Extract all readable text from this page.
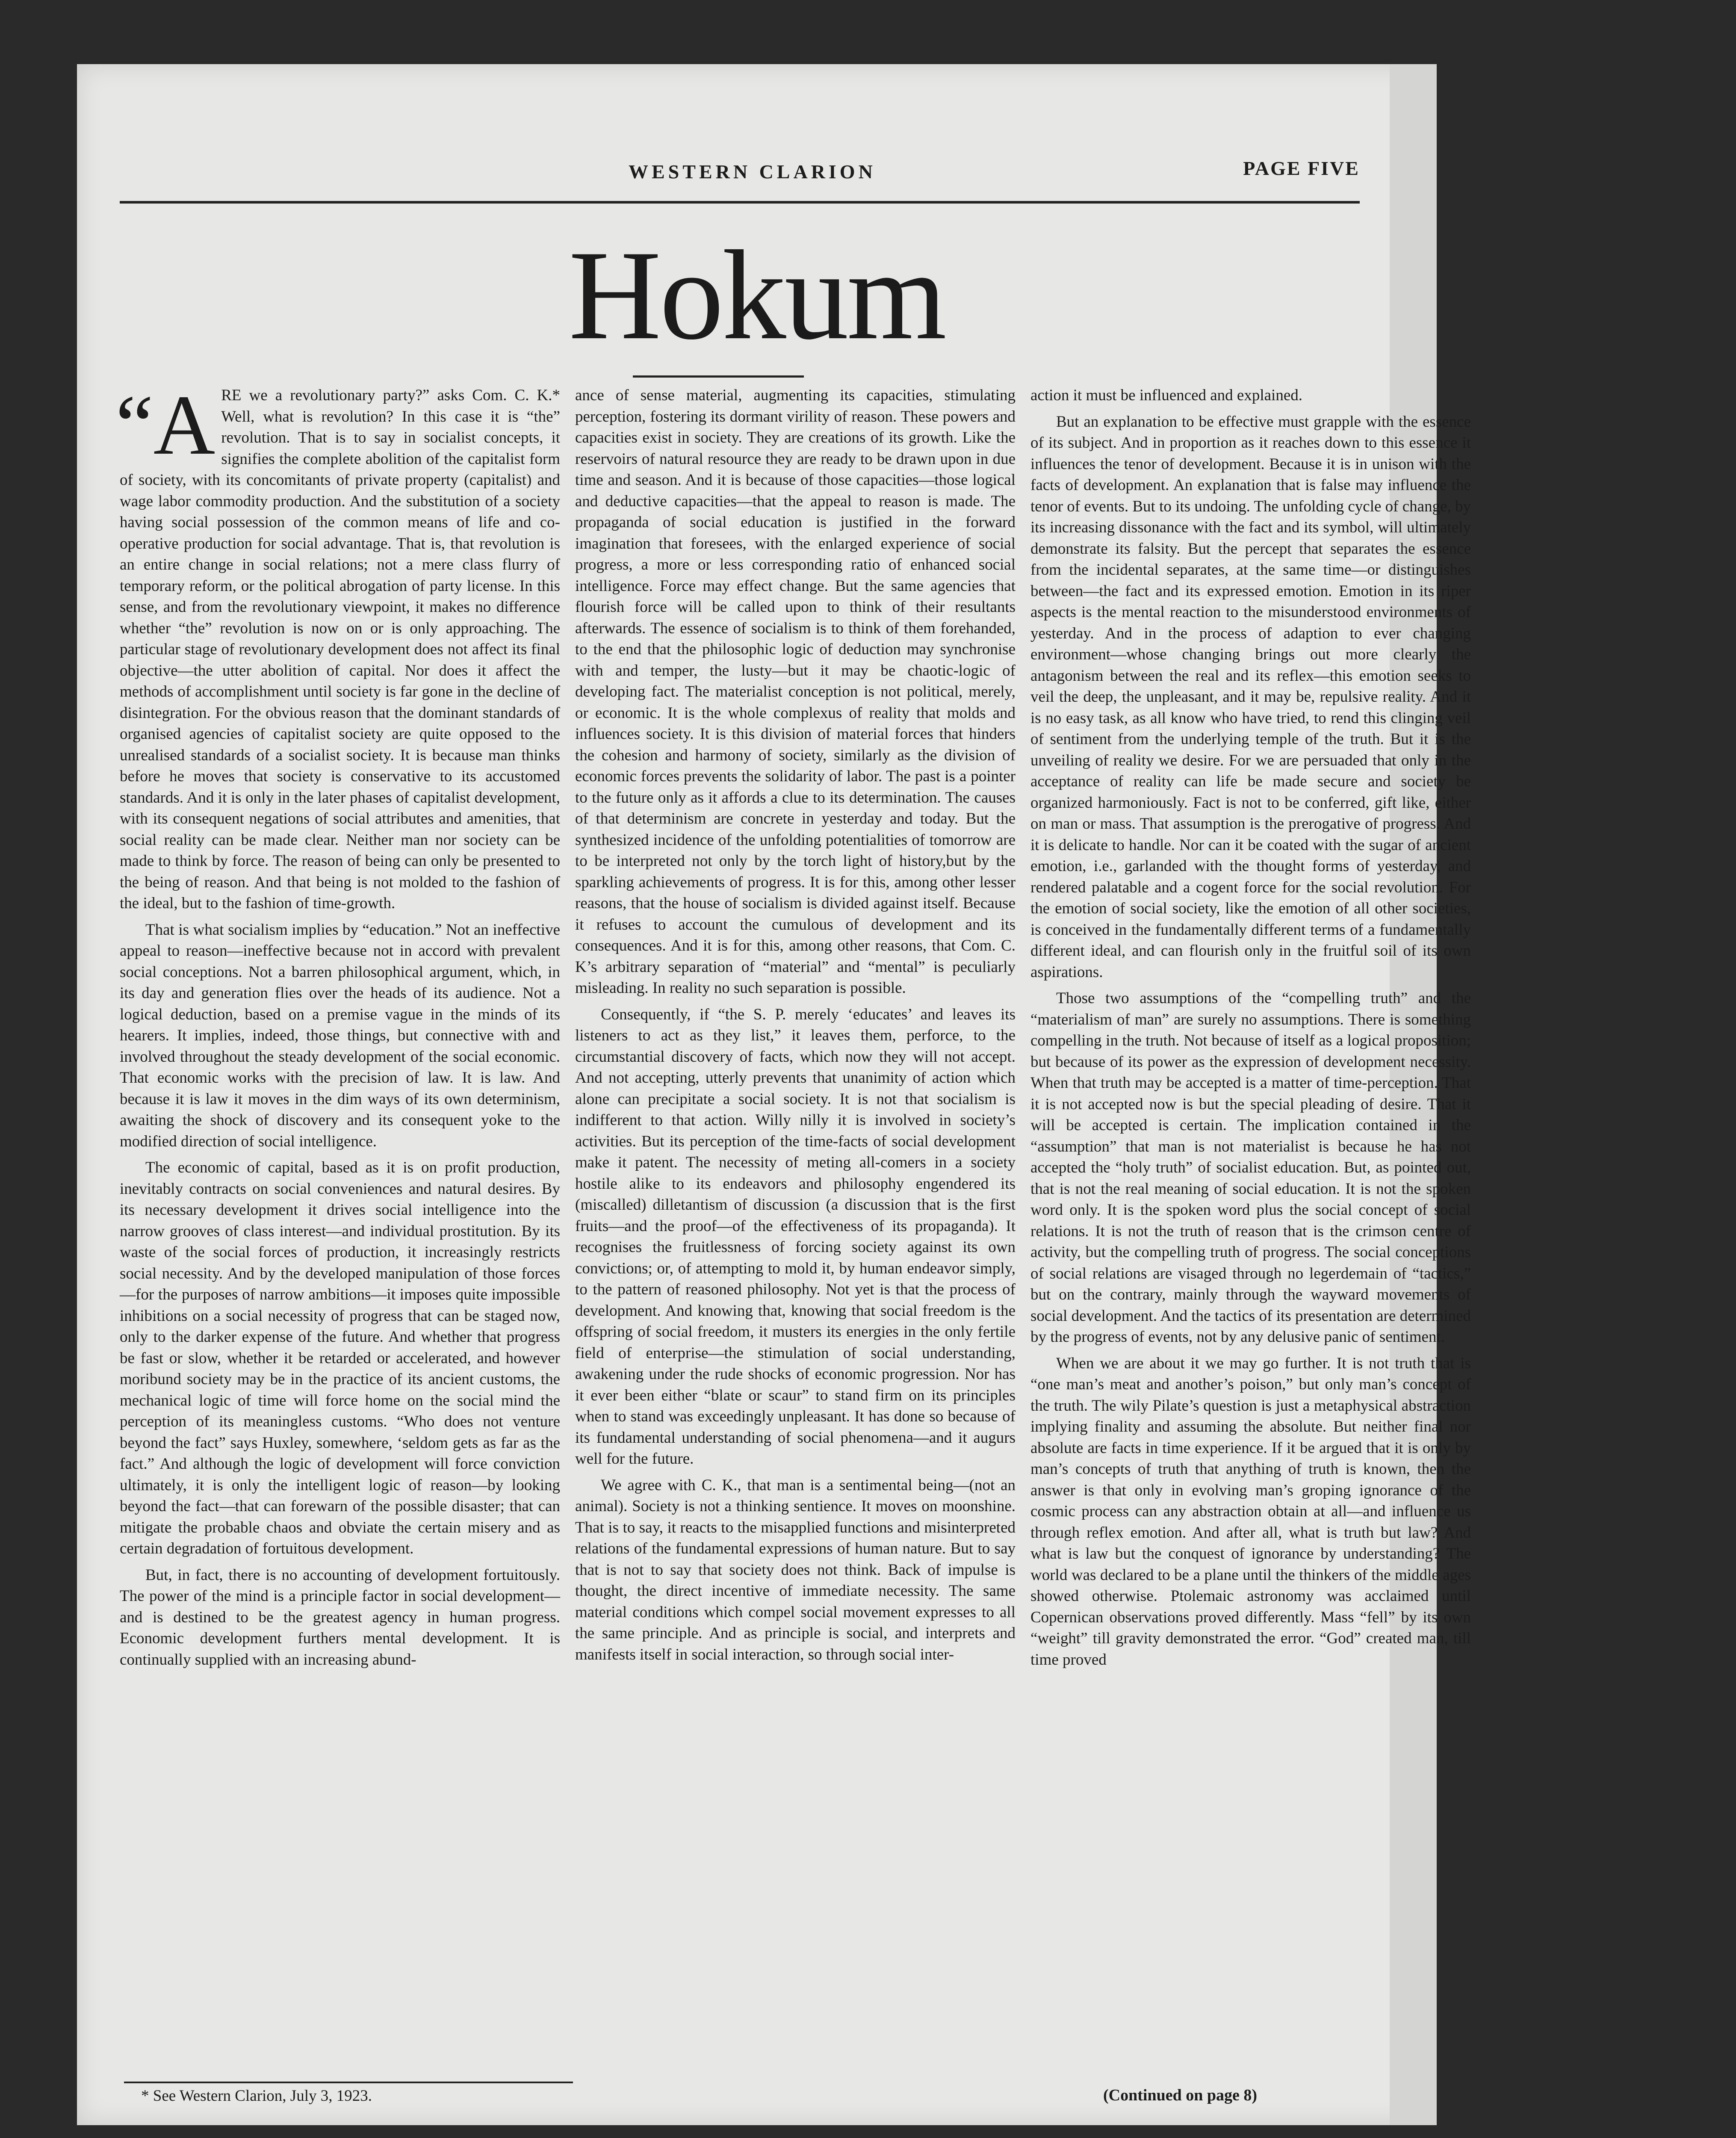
WESTERN CLARION	PAGE FIVE
Hokum

“A RE we a revolutionary party?” asks Com. C. K.* Well, what is revolution? In this case it is “the” revolution. That is to say in socialist concepts, it signifies the complete abolition of the capitalist form of society, with its concomitants of private property (capitalist) and wage labor commodity production. And the substitution of a society having social possession of the common means of life and co-operative production for social advantage. That is, that revolution is an entire change in social relations; not a mere class flurry of temporary reform, or the political abrogation of party license. In this sense, and from the revolutionary viewpoint, it makes no difference whether “the” revolution is now on or is only approaching. The particular stage of revolutionary development does not affect its final objective—the utter abolition of capital. Nor does it affect the methods of accomplishment until society is far gone in the decline of disintegration. For the obvious reason that the dominant standards of organised agencies of capitalist society are quite opposed to the unrealised standards of a socialist society. It is because man thinks before he moves that society is conservative to its accustomed standards. And it is only in the later phases of capitalist development, with its consequent negations of social attributes and amenities, that social reality can be made clear. Neither man nor society can be made to think by force. The reason of being can only be presented to the being of reason. And that being is not molded to the fashion of the ideal, but to the fashion of time-growth.

That is what socialism implies by “education.” Not an ineffective appeal to reason—ineffective because not in accord with prevalent social conceptions. Not a barren philosophical argument, which, in its day and generation flies over the heads of its audience. Not a logical deduction, based on a premise vague in the minds of its hearers. It implies, indeed, those things, but connective with and involved throughout the steady development of the social economic. That economic works with the precision of law. It is law. And because it is law it moves in the dim ways of its own determinism, awaiting the shock of discovery and its consequent yoke to the modified direction of social intelligence.

The economic of capital, based as it is on profit production, inevitably contracts on social conveniences and natural desires. By its necessary development it drives social intelligence into the narrow grooves of class interest—and individual prostitution. By its waste of the social forces of production, it increasingly restricts social necessity. And by the developed manipulation of those forces—for the purposes of narrow ambitions—it imposes quite impossible inhibitions on a social necessity of progress that can be staged now, only to the darker expense of the future. And whether that progress be fast or slow, whether it be retarded or accelerated, and however moribund society may be in the practice of its ancient customs, the mechanical logic of time will force home on the social mind the perception of its meaningless customs. “Who does not venture beyond the fact” says Huxley, somewhere, ‘seldom gets as far as the fact.” And although the logic of development will force conviction ultimately, it is only the intelligent logic of reason—by looking beyond the fact—that can forewarn of the possible disaster; that can mitigate the probable chaos and obviate the certain misery and as certain degradation of fortuitous development.

But, in fact, there is no accounting of development fortuitously. The power of the mind is a principle factor in social development—and is destined to be the greatest agency in human progress. Economic development furthers mental development. It is continually supplied with an increasing abund-

ance of sense material, augmenting its capacities, stimulating perception, fostering its dormant virility of reason. These powers and capacities exist in society. They are creations of its growth. Like the reservoirs of natural resource they are ready to be drawn upon in due time and season. And it is because of those capacities—those logical and deductive capacities—that the appeal to reason is made. The propaganda of social education is justified in the forward imagination that foresees, with the enlarged experience of social progress, a more or less corresponding ratio of enhanced social intelligence. Force may effect change. But the same agencies that flourish force will be called upon to think of their resultants afterwards. The essence of socialism is to think of them forehanded, to the end that the philosophic logic of deduction may synchronise with and temper, the lusty—but it may be chaotic-logic of developing fact. The materialist conception is not political, merely, or economic. It is the whole complexus of reality that molds and influences society. It is this division of material forces that hinders the cohesion and harmony of society, similarly as the division of economic forces prevents the solidarity of labor. The past is a pointer to the future only as it affords a clue to its determination. The causes of that determinism are concrete in yesterday and today. But the synthesized incidence of the unfolding potentialities of tomorrow are to be interpreted not only by the torch light of history,but by the sparkling achievements of progress. It is for this, among other lesser reasons, that the house of socialism is divided against itself. Because it refuses to account the cumulous of development and its consequences. And it is for this, among other reasons, that Com. C. K’s arbitrary separation of “material” and “mental” is peculiarly misleading. In reality no such separation is possible.

Consequently, if “the S. P. merely ‘educates’ and leaves its listeners to act as they list,” it leaves them, perforce, to the circumstantial discovery of facts, which now they will not accept. And not accepting, utterly prevents that unanimity of action which alone can precipitate a social society. It is not that socialism is indifferent to that action. Willy nilly it is involved in society’s activities. But its perception of the time-facts of social development make it patent. The necessity of meting all-comers in a society hostile alike to its endeavors and philosophy engendered its (miscalled) dilletantism of discussion (a discussion that is the first fruits—and the proof—of the effectiveness of its propaganda). It recognises the fruitlessness of forcing society against its own convictions; or, of attempting to mold it, by human endeavor simply, to the pattern of reasoned philosophy. Not yet is that the process of development. And knowing that, knowing that social freedom is the offspring of social freedom, it musters its energies in the only fertile field of enterprise—the stimulation of social understanding, awakening under the rude shocks of economic progression. Nor has it ever been either “blate or scaur” to stand firm on its principles when to stand was exceedingly unpleasant. It has done so because of its fundamental understanding of social phenomena—and it augurs well for the future.

We agree with C. K., that man is a sentimental being—(not an animal). Society is not a thinking sentience. It moves on moonshine. That is to say, it reacts to the misapplied functions and misinterpreted relations of the fundamental expressions of human nature. But to say that is not to say that society does not think. Back of impulse is thought, the direct incentive of immediate necessity. The same material conditions which compel social movement expresses to all the same principle. And as principle is social, and interprets and manifests itself in social interaction, so through social inter-

action it must be influenced and explained.

But an explanation to be effective must grapple with the essence of its subject. And in proportion as it reaches down to this essence it influences the tenor of development. Because it is in unison with the facts of development. An explanation that is false may influence the tenor of events. But to its undoing. The unfolding cycle of change, by its increasing dissonance with the fact and its symbol, will ultimately demonstrate its falsity. But the percept that separates the essence from the incidental separates, at the same time—or distinguishes between—the fact and its expressed emotion. Emotion in its riper aspects is the mental reaction to the misunderstood environments of yesterday. And in the process of adaption to ever changing environment—whose changing brings out more clearly the antagonism between the real and its reflex—this emotion seeks to veil the deep, the unpleasant, and it may be, repulsive reality. And it is no easy task, as all know who have tried, to rend this clinging veil of sentiment from the underlying temple of the truth. But it is the unveiling of reality we desire. For we are persuaded that only in the acceptance of reality can life be made secure and society be organized harmoniously. Fact is not to be conferred, gift like, either on man or mass. That assumption is the prerogative of progress. And it is delicate to handle. Nor can it be coated with the sugar of ancient emotion, i.e., garlanded with the thought forms of yesterday, and rendered palatable and a cogent force for the social revolution. For the emotion of social society, like the emotion of all other societies, is conceived in the fundamentally different terms of a fundamentally different ideal, and can flourish only in the fruitful soil of its own aspirations.

Those two assumptions of the “compelling truth” and the “materialism of man” are surely no assumptions. There is something compelling in the truth. Not because of itself as a logical proposition; but because of its power as the expression of development necessity. When that truth may be accepted is a matter of time-perception. That it is not accepted now is but the special pleading of desire. That it will be accepted is certain. The implication contained in the “assumption” that man is not materialist is because he has not accepted the “holy truth” of socialist education. But, as pointed out, that is not the real meaning of social education. It is not the spoken word only. It is the spoken word plus the social concept of social relations. It is not the truth of reason that is the crimson centre of activity, but the compelling truth of progress. The social conceptions of social relations are visaged through no legerdemain of “tactics,” but on the contrary, mainly through the wayward movements of social development. And the tactics of its presentation are determined by the progress of events, not by any delusive panic of sentiment.

When we are about it we may go further. It is not truth that is “one man’s meat and another’s poison,” but only man’s concept of the truth. The wily Pilate’s question is just a metaphysical abstraction implying finality and assuming the absolute. But neither final nor absolute are facts in time experience. If it be argued that it is only by man’s concepts of truth that anything of truth is known, then the answer is that only in evolving man’s groping ignorance of the cosmic process can any abstraction obtain at all—and influence us through reflex emotion. And after all, what is truth but law? And what is law but the conquest of ignorance by understanding? The world was declared to be a plane until the thinkers of the middle ages showed otherwise. Ptolemaic astronomy was acclaimed until Copernican observations proved differently. Mass “fell” by its own “weight” till gravity demonstrated the error. “God” created man, till time proved

* See Western Clarion, July 3, 1923.	(Continued on page 8)
